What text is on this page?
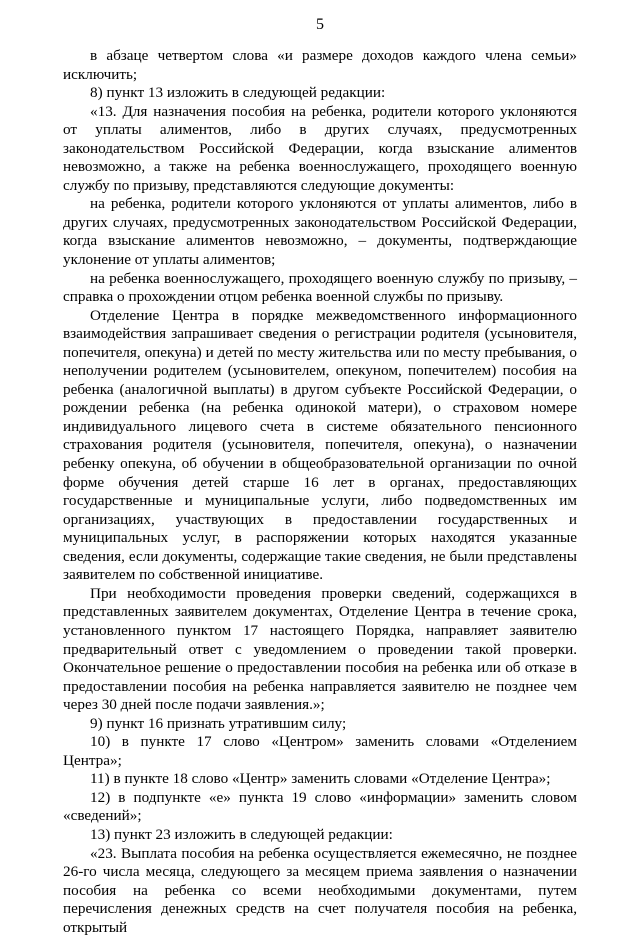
5

в абзаце четвертом слова «и размере доходов каждого члена семьи» исключить;

8) пункт 13 изложить в следующей редакции:

«13. Для назначения пособия на ребенка, родители которого уклоняются от уплаты алиментов, либо в других случаях, предусмотренных законодательством Российской Федерации, когда взыскание алиментов невозможно, а также на ребенка военнослужащего, проходящего военную службу по призыву, представляются следующие документы:

на ребенка, родители которого уклоняются от уплаты алиментов, либо в других случаях, предусмотренных законодательством Российской Федерации, когда взыскание алиментов невозможно, – документы, подтверждающие уклонение от уплаты алиментов;

на ребенка военнослужащего, проходящего военную службу по призыву, – справка о прохождении отцом ребенка военной службы по призыву.

Отделение Центра в порядке межведомственного информационного взаимодействия запрашивает сведения о регистрации родителя (усыновителя, попечителя, опекуна) и детей по месту жительства или по месту пребывания, о неполучении родителем (усыновителем, опекуном, попечителем) пособия на ребенка (аналогичной выплаты) в другом субъекте Российской Федерации, о рождении ребенка (на ребенка одинокой матери), о страховом номере индивидуального лицевого счета в системе обязательного пенсионного страхования родителя (усыновителя, попечителя, опекуна), о назначении ребенку опекуна, об обучении в общеобразовательной организации по очной форме обучения детей старше 16 лет в органах, предоставляющих государственные и муниципальные услуги, либо подведомственных им организациях, участвующих в предоставлении государственных и муниципальных услуг, в распоряжении которых находятся указанные сведения, если документы, содержащие такие сведения, не были представлены заявителем по собственной инициативе.

При необходимости проведения проверки сведений, содержащихся в представленных заявителем документах, Отделение Центра в течение срока, установленного пунктом 17 настоящего Порядка, направляет заявителю предварительный ответ с уведомлением о проведении такой проверки. Окончательное решение о предоставлении пособия на ребенка или об отказе в предоставлении пособия на ребенка направляется заявителю не позднее чем через 30 дней после подачи заявления.»;

9) пункт 16 признать утратившим силу;

10) в пункте 17 слово «Центром» заменить словами «Отделением Центра»;

11) в пункте 18 слово «Центр» заменить словами «Отделение Центра»;

12) в подпункте «е» пункта 19 слово «информации» заменить словом «сведений»;

13) пункт 23 изложить в следующей редакции:

«23. Выплата пособия на ребенка осуществляется ежемесячно, не позднее 26-го числа месяца, следующего за месяцем приема заявления о назначении пособия на ребенка со всеми необходимыми документами, путем перечисления денежных средств на счет получателя пособия на ребенка, открытый
